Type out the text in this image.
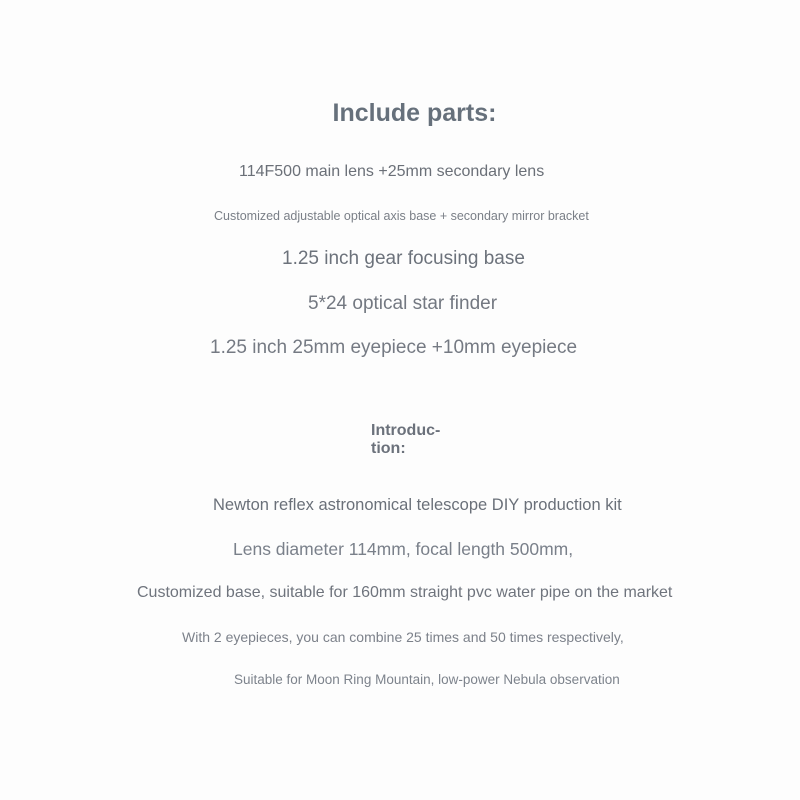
Include parts:

114F500 main lens +25mm secondary lens

Customized adjustable optical axis base + secondary mirror bracket

1.25 inch gear focusing base

5*24 optical star finder

1.25 inch 25mm eyepiece +10mm eyepiece

Introduc- tion:

Newton reflex astronomical telescope DIY production kit

Lens diameter 114mm, focal length 500mm,

Customized base, suitable for 160mm straight pvc water pipe on the market

With 2 eyepieces, you can combine 25 times and 50 times respectively,

Suitable for Moon Ring Mountain, low-power Nebula observation
